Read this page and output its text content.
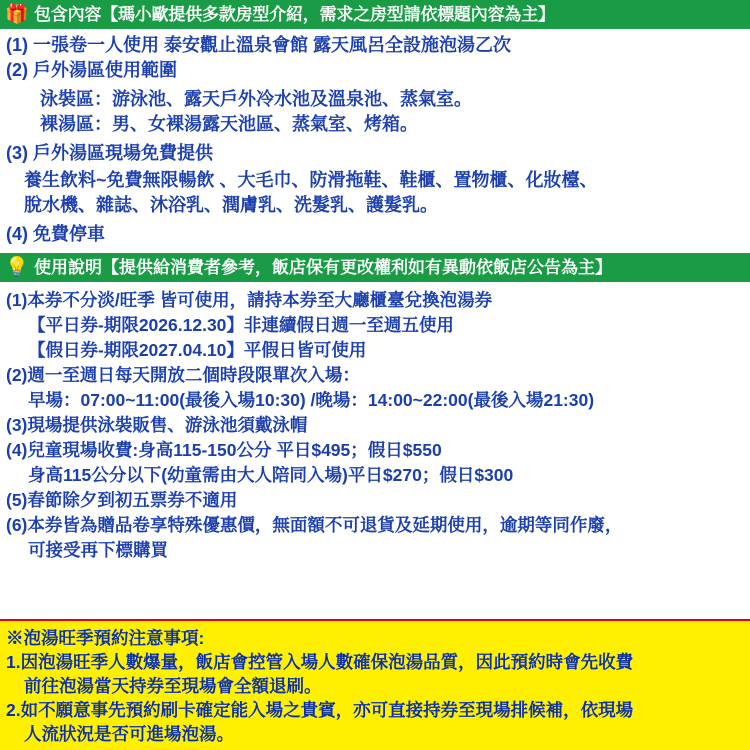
🎁 包含內容【瑪小歐提供多款房型介紹，需求之房型請依標題內容為主】
(1) 一張卷一人使用 泰安觀止溫泉會館 露天風呂全設施泡湯乙次
(2) 戶外湯區使用範圍
泳裝區：游泳池、露天戶外冷水池及溫泉池、蒸氣室。
裸湯區：男、女裸湯露天池區、蒸氣室、烤箱。
(3) 戶外湯區現場免費提供
養生飲料~免費無限暢飲 、大毛巾、防滑拖鞋、鞋櫃、置物櫃、化妝檯、
脫水機、雜誌、沐浴乳、潤膚乳、洗髮乳、護髮乳。
(4) 免費停車
💡 使用說明【提供給消費者參考，飯店保有更改權利如有異動依飯店公告為主】
(1)本券不分淡/旺季 皆可使用，請持本券至大廳櫃臺兌換泡湯券
【平日券-期限2026.12.30】非連續假日週一至週五使用
【假日券-期限2027.04.10】平假日皆可使用
(2)週一至週日每天開放二個時段限單次入場：
早場：07:00~11:00(最後入場10:30) /晚場：14:00~22:00(最後入場21:30)
(3)現場提供泳裝販售、游泳池須戴泳帽
(4)兒童現場收費:身高115-150公分 平日$495；假日$550
身高115公分以下(幼童需由大人陪同入場)平日$270；假日$300
(5)春節除夕到初五票券不適用
(6)本券皆為贈品卷享特殊優惠價，無面額不可退貨及延期使用，逾期等同作廢，
可接受再下標購買
※泡湯旺季預約注意事項:
1.因泡湯旺季人數爆量，飯店會控管入場人數確保泡湯品質，因此預約時會先收費
前往泡湯當天持券至現場會全額退刷。
2.如不願意事先預約刷卡確定能入場之貴賓，亦可直接持券至現場排候補，依現場
人流狀況是否可進場泡湯。
